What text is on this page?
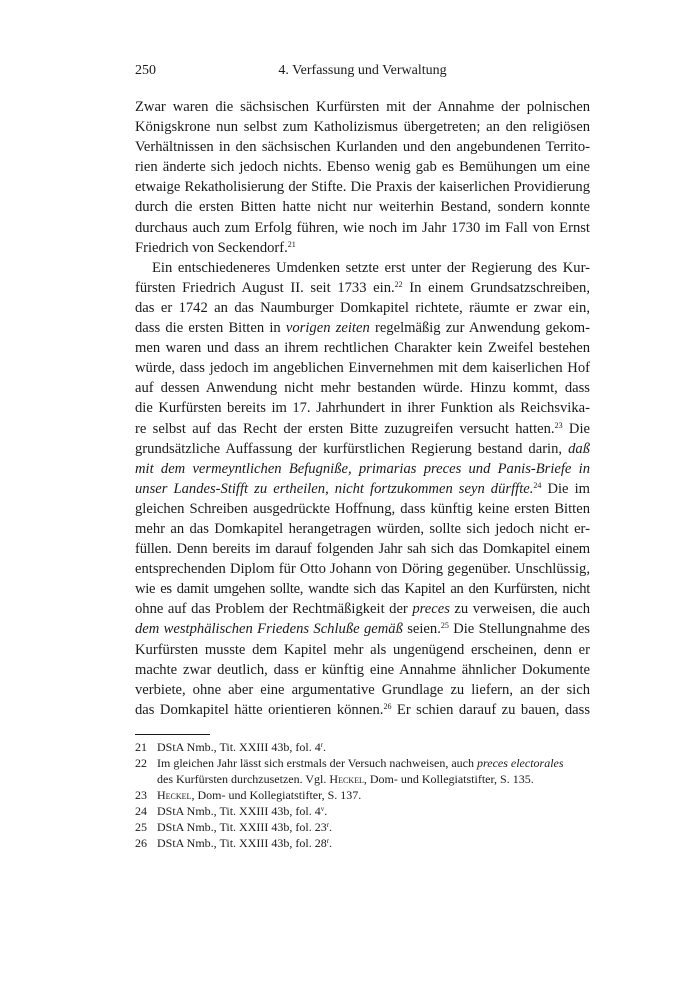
250	4. Verfassung und Verwaltung
Zwar waren die sächsischen Kurfürsten mit der Annahme der polnischen
Königskrone nun selbst zum Katholizismus übergetreten; an den religiösen
Verhältnissen in den sächsischen Kurlanden und den angebundenen Territo-
rien änderte sich jedoch nichts. Ebenso wenig gab es Bemühungen um eine
etwaige Rekatholisierung der Stifte. Die Praxis der kaiserlichen Providierung
durch die ersten Bitten hatte nicht nur weiterhin Bestand, sondern konnte
durchaus auch zum Erfolg führen, wie noch im Jahr 1730 im Fall von Ernst
Friedrich von Seckendorf.$^{21}$
Ein entschiedeneres Umdenken setzte erst unter der Regierung des Kur-
fürsten Friedrich August II. seit 1733 ein.$^{22}$ In einem Grundsatzschreiben,
das er 1742 an das Naumburger Domkapitel richtete, räumte er zwar ein,
dass die ersten Bitten in vorigen zeiten regelmäßig zur Anwendung gekom-
men waren und dass an ihrem rechtlichen Charakter kein Zweifel bestehen
würde, dass jedoch im angeblichen Einvernehmen mit dem kaiserlichen Hof
auf dessen Anwendung nicht mehr bestanden würde. Hinzu kommt, dass
die Kurfürsten bereits im 17. Jahrhundert in ihrer Funktion als Reichsvika-
re selbst auf das Recht der ersten Bitte zuzugreifen versucht hatten.$^{23}$ Die
grundsätzliche Auffassung der kurfürstlichen Regierung bestand darin, daß
mit dem vermeyntlichen Befugniße, primarias preces und Panis-Briefe in
unser Landes-Stifft zu ertheilen, nicht fortzukommen seyn dürffte.$^{24}$ Die im
gleichen Schreiben ausgedrückte Hoffnung, dass künftig keine ersten Bitten
mehr an das Domkapitel herangetragen würden, sollte sich jedoch nicht er-
füllen. Denn bereits im darauf folgenden Jahr sah sich das Domkapitel einem
entsprechenden Diplom für Otto Johann von Döring gegenüber. Unschlüssig,
wie es damit umgehen sollte, wandte sich das Kapitel an den Kurfürsten, nicht
ohne auf das Problem der Rechtmäßigkeit der preces zu verweisen, die auch
dem westphälischen Friedens Schluße gemäß seien.$^{25}$ Die Stellungnahme des
Kurfürsten musste dem Kapitel mehr als ungenügend erscheinen, denn er
machte zwar deutlich, dass er künftig eine Annahme ähnlicher Dokumente
verbiete, ohne aber eine argumentative Grundlage zu liefern, an der sich
das Domkapitel hätte orientieren können.$^{26}$ Er schien darauf zu bauen, dass
21 DStA Nmb., Tit. XXIII 43b, fol. 4$^r$.
22 Im gleichen Jahr lässt sich erstmals der Versuch nachweisen, auch preces electorales
des Kurfürsten durchzusetzen. Vgl. Heckel, Dom- und Kollegiatstifter, S. 135.
23 Heckel, Dom- und Kollegiatstifter, S. 137.
24 DStA Nmb., Tit. XXIII 43b, fol. 4$^v$.
25 DStA Nmb., Tit. XXIII 43b, fol. 23$^r$.
26 DStA Nmb., Tit. XXIII 43b, fol. 28$^r$.
